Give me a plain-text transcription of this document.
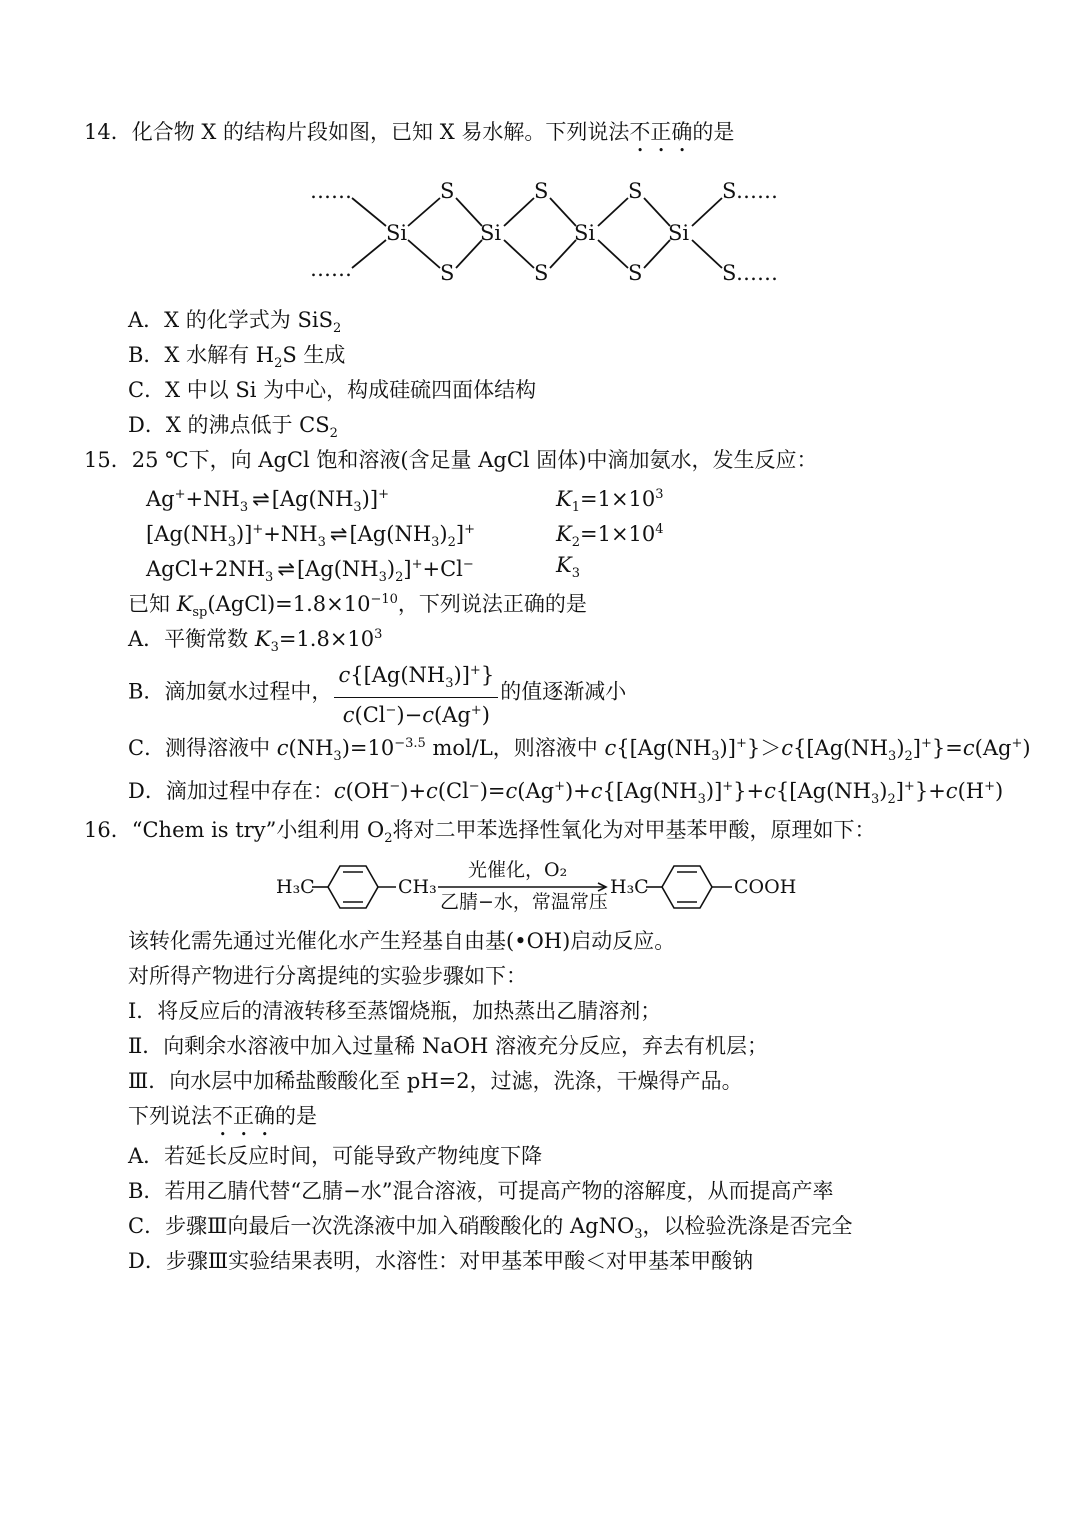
14．化合物 X 的结构片段如图，已知 X 易水解。下列说法不正确的是
……
……
Si	Si	Si	Si
S
S
S
S
S
S
S
S
……
……
A．X 的化学式为 SiS$_2$
B．X 水解有 $H_2S$ 生成
C．X 中以 Si 为中心，构成硅硫四面体结构
D．X 的沸点低于 $CS_2$
15．25 ℃下，向 AgCl 饱和溶液(含足量 AgCl 固体)中滴加氨水，发生反应：
$Ag^++NH_3$ ⇌ $[Ag(NH_3)]^+$	$K_1=1\times 10^3$
$[Ag(NH_3)]^++NH_3$ ⇌ $[Ag(NH_3)_2]^+$	$K_2=1\times 10^4$
$AgCl+2NH_3$ ⇌ $[Ag(NH_3)_2]^++Cl^-$	$K_3$
已知 $K_{sp}(AgCl)=1.8\times 10^{-10}$，下列说法正确的是
A．平衡常数 $K_3=1.8\times 10^3$
B．滴加氨水过程中， $\frac{c\{[Ag(NH_3)]^+\}}{c(Cl^-)-c(Ag^+)}$ 的值逐渐减小
C．测得溶液中 $c(NH_3)=10^{-3.5}$ mol/L，则溶液中 $c\{[Ag(NH_3)]^+\}>c\{[Ag(NH_3)_2]^+\}=c(Ag^+)$
D．滴加过程中存在：$c(OH^-)+c(Cl^-)=c(Ag^+)+c\{[Ag(NH_3)]^+\}+c\{[Ag(NH_3)_2]^+\}+c(H^+)$
16．“Chem is try”小组利用 $O_2$将对二甲苯选择性氧化为对甲基苯甲酸，原理如下：
H₃C	CH₃
光催化，O₂
乙腈−水，常温常压
H₃C	COOH
该转化需先通过光催化水产生羟基自由基(•OH)启动反应。
对所得产物进行分离提纯的实验步骤如下：
Ⅰ．将反应后的清液转移至蒸馏烧瓶，加热蒸出乙腈溶剂；
Ⅱ．向剩余水溶液中加入过量稀 NaOH 溶液充分反应，弃去有机层；
Ⅲ．向水层中加稀盐酸酸化至 pH=2，过滤，洗涤，干燥得产品。
下列说法不正确的是
A．若延长反应时间，可能导致产物纯度下降
B．若用乙腈代替“乙腈−水”混合溶液，可提高产物的溶解度，从而提高产率
C．步骤Ⅲ向最后一次洗涤液中加入硝酸酸化的 AgNO$_3$，以检验洗涤是否完全
D．步骤Ⅲ实验结果表明，水溶性：对甲基苯甲酸＜对甲基苯甲酸钠
